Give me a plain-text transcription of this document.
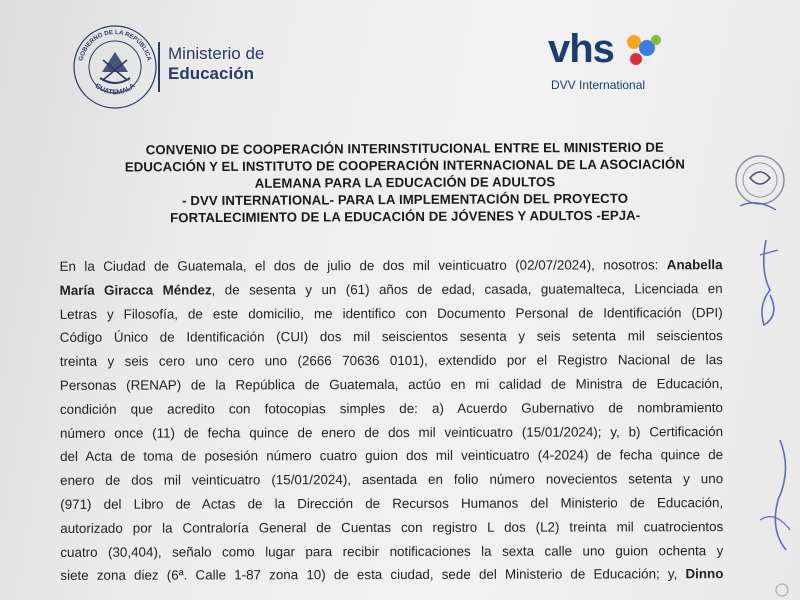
GOBIERNO DE LA REPÚBLICA
GUATEMALA
Ministerio de
Educación
vhs
DVV International
CONVENIO DE COOPERACIÓN INTERINSTITUCIONAL ENTRE EL MINISTERIO DE
EDUCACIÓN Y EL INSTITUTO DE COOPERACIÓN INTERNACIONAL DE LA ASOCIACIÓN
ALEMANA PARA LA EDUCACIÓN DE ADULTOS
- DVV INTERNATIONAL- PARA LA IMPLEMENTACIÓN DEL PROYECTO
FORTALECIMIENTO DE LA EDUCACIÓN DE JÓVENES Y ADULTOS -EPJA-
En la Ciudad de Guatemala, el dos de julio de dos mil veinticuatro (02/07/2024), nosotros: Anabella
María Giracca Méndez, de sesenta y un (61) años de edad, casada, guatemalteca, Licenciada en
Letras y Filosofía, de este domicilio, me identifico con Documento Personal de Identificación (DPI)
Código Único de Identificación (CUI) dos mil seiscientos sesenta y seis setenta mil seiscientos
treinta y seis cero uno cero uno (2666 70636 0101), extendido por el Registro Nacional de las
Personas (RENAP) de la República de Guatemala, actúo en mi calidad de Ministra de Educación,
condición que acredito con fotocopias simples de: a) Acuerdo Gubernativo de nombramiento
número once (11) de fecha quince de enero de dos mil veinticuatro (15/01/2024); y, b) Certificación
del Acta de toma de posesión número cuatro guion dos mil veinticuatro (4-2024) de fecha quince de
enero de dos mil veinticuatro (15/01/2024), asentada en folio número novecientos setenta y uno
(971) del Libro de Actas de la Dirección de Recursos Humanos del Ministerio de Educación,
autorizado por la Contraloría General de Cuentas con registro L dos (L2) treinta mil cuatrocientos
cuatro (30,404), señalo como lugar para recibir notificaciones la sexta calle uno guion ochenta y
siete zona diez (6ª. Calle 1-87 zona 10) de esta ciudad, sede del Ministerio de Educación; y, Dinno
